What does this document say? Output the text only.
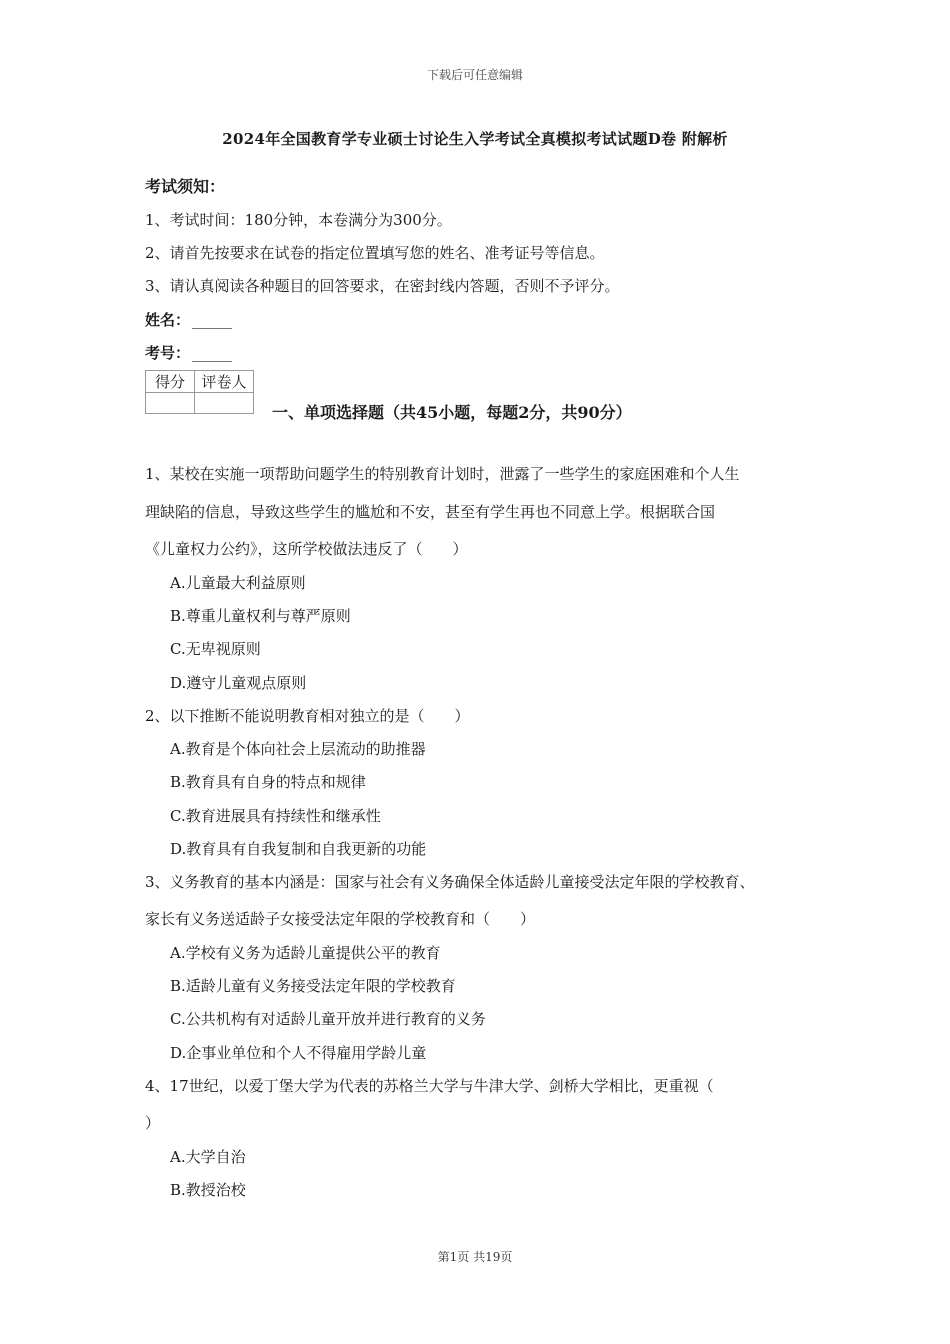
下载后可任意编辑
2024年全国教育学专业硕士讨论生入学考试全真模拟考试试题D卷 附解析
考试须知：
1、考试时间：180分钟，本卷满分为300分。
2、请首先按要求在试卷的指定位置填写您的姓名、准考证号等信息。
3、请认真阅读各种题目的回答要求，在密封线内答题，否则不予评分。
姓名： ______
考号： ______
得分	评卷人

一、单项选择题（共45小题，每题2分，共90分）
1、某校在实施一项帮助问题学生的特别教育计划时，泄露了一些学生的家庭困难和个人生
理缺陷的信息，导致这些学生的尴尬和不安，甚至有学生再也不同意上学。根据联合国
《儿童权力公约》，这所学校做法违反了（　　）
A.儿童最大利益原则
B.尊重儿童权利与尊严原则
C.无卑视原则
D.遵守儿童观点原则
2、以下推断不能说明教育相对独立的是（　　）
A.教育是个体向社会上层流动的助推器
B.教育具有自身的特点和规律
C.教育进展具有持续性和继承性
D.教育具有自我复制和自我更新的功能
3、义务教育的基本内涵是：国家与社会有义务确保全体适龄儿童接受法定年限的学校教育、
家长有义务送适龄子女接受法定年限的学校教育和（　　）
A.学校有义务为适龄儿童提供公平的教育
B.适龄儿童有义务接受法定年限的学校教育
C.公共机构有对适龄儿童开放并进行教育的义务
D.企事业单位和个人不得雇用学龄儿童
4、17世纪，以爱丁堡大学为代表的苏格兰大学与牛津大学、剑桥大学相比，更重视（
）
A.大学自治
B.教授治校
第1页 共19页
